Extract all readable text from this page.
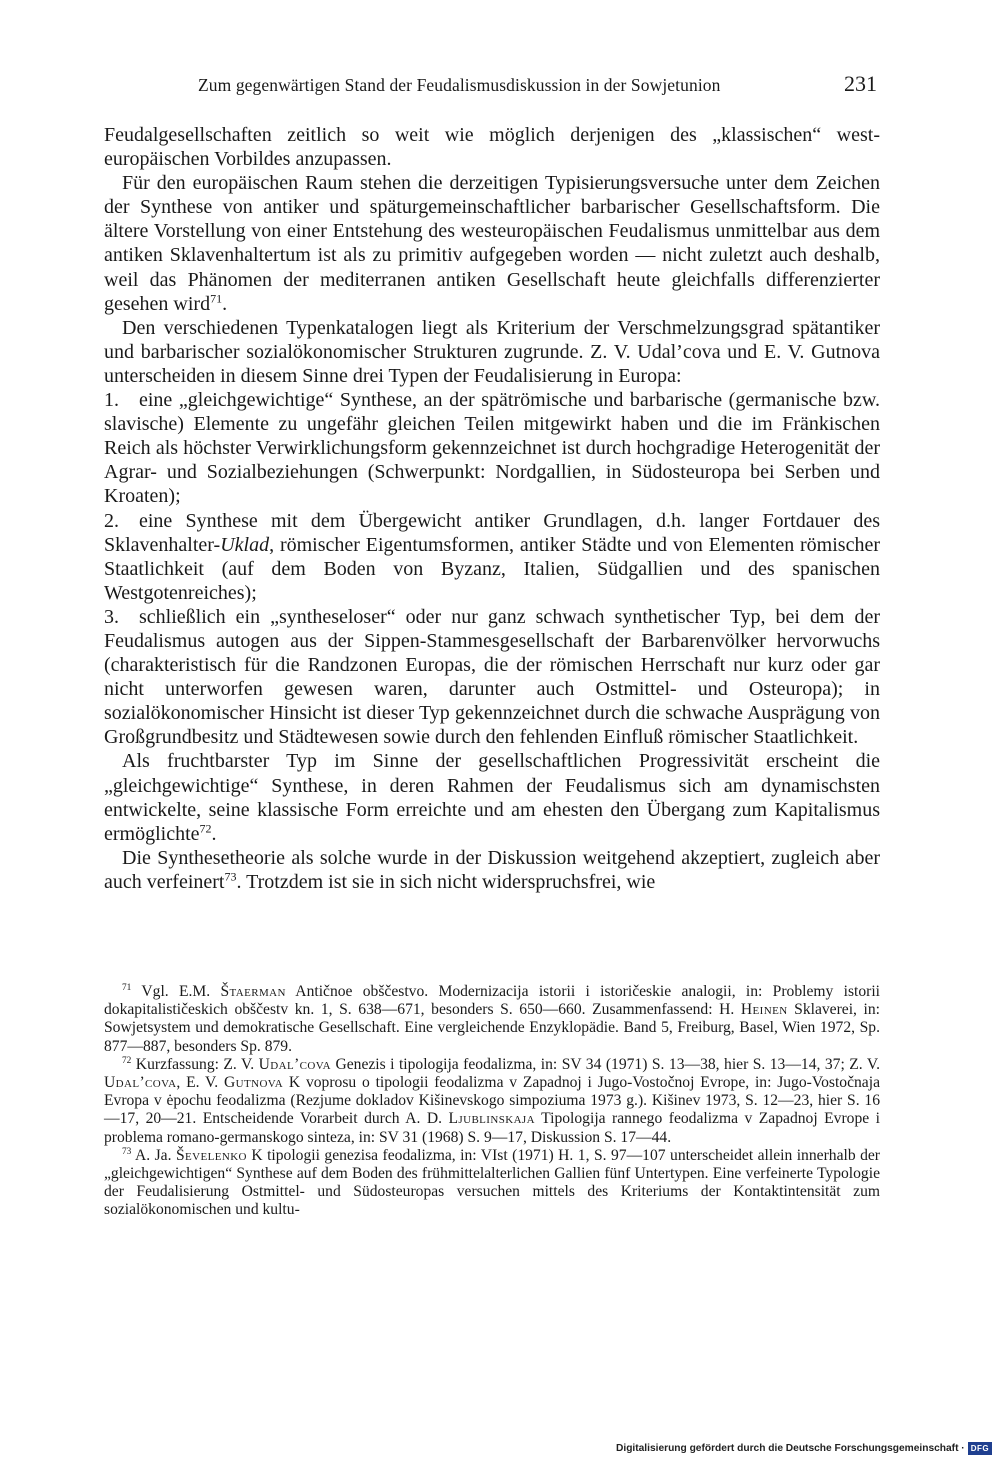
Zum gegenwärtigen Stand der Feudalismusdiskussion in der Sowjetunion	231

Feudalgesellschaften zeitlich so weit wie möglich derjenigen des „klassischen“ westeuropäischen Vorbildes anzupassen.

Für den europäischen Raum stehen die derzeitigen Typisierungsversuche unter dem Zeichen der Synthese von antiker und späturgemeinschaftlicher barbarischer Gesellschaftsform. Die ältere Vorstellung von einer Entstehung des westeuropäischen Feudalismus unmittelbar aus dem antiken Sklavenhaltertum ist als zu primitiv aufgegeben worden — nicht zuletzt auch deshalb, weil das Phänomen der mediterranen antiken Gesellschaft heute gleichfalls differenzierter gesehen wird$^{71}$.

Den verschiedenen Typenkatalogen liegt als Kriterium der Verschmelzungsgrad spätantiker und barbarischer sozialökonomischer Strukturen zugrunde. Z. V. Udal’cova und E. V. Gutnova unterscheiden in diesem Sinne drei Typen der Feudalisierung in Europa:

1. eine „gleichgewichtige“ Synthese, an der spätrömische und barbarische (germanische bzw. slavische) Elemente zu ungefähr gleichen Teilen mitgewirkt haben und die im Fränkischen Reich als höchster Verwirklichungsform gekennzeichnet ist durch hochgradige Heterogenität der Agrar- und Sozialbeziehungen (Schwerpunkt: Nordgallien, in Südosteuropa bei Serben und Kroaten);

2. eine Synthese mit dem Übergewicht antiker Grundlagen, d.h. langer Fortdauer des Sklavenhalter-Uklad, römischer Eigentumsformen, antiker Städte und von Elementen römischer Staatlichkeit (auf dem Boden von Byzanz, Italien, Südgallien und des spanischen Westgotenreiches);

3. schließlich ein „syntheseloser“ oder nur ganz schwach synthetischer Typ, bei dem der Feudalismus autogen aus der Sippen-Stammesgesellschaft der Barbarenvölker hervorwuchs (charakteristisch für die Randzonen Europas, die der römischen Herrschaft nur kurz oder gar nicht unterworfen gewesen waren, darunter auch Ostmittel- und Osteuropa); in sozialökonomischer Hinsicht ist dieser Typ gekennzeichnet durch die schwache Ausprägung von Großgrundbesitz und Städtewesen sowie durch den fehlenden Einfluß römischer Staatlichkeit.

Als fruchtbarster Typ im Sinne der gesellschaftlichen Progressivität erscheint die „gleichgewichtige“ Synthese, in deren Rahmen der Feudalismus sich am dynamischsten entwickelte, seine klassische Form erreichte und am ehesten den Übergang zum Kapitalismus ermöglichte$^{72}$.

Die Synthesetheorie als solche wurde in der Diskussion weitgehend akzeptiert, zugleich aber auch verfeinert$^{73}$. Trotzdem ist sie in sich nicht widerspruchsfrei, wie

$^{71}$ Vgl. E.M. Štaerman Antičnoe obščestvo. Modernizacija istorii i istoričeskie analogii, in: Problemy istorii dokapitalističeskich obščestv kn. 1, S. 638—671, besonders S. 650—660. Zusammenfassend: H. Heinen Sklaverei, in: Sowjetsystem und demokratische Gesellschaft. Eine vergleichende Enzyklopädie. Band 5, Freiburg, Basel, Wien 1972, Sp. 877—887, besonders Sp. 879.

$^{72}$ Kurzfassung: Z. V. Udal’cova Genezis i tipologija feodalizma, in: SV 34 (1971) S. 13—38, hier S. 13—14, 37; Z. V. Udal’cova, E. V. Gutnova K voprosu o tipologii feodalizma v Zapadnoj i Jugo-Vostočnoj Evrope, in: Jugo-Vostočnaja Evropa v ėpochu feodalizma (Rezjume dokladov Kišinevskogo simpoziuma 1973 g.). Kišinev 1973, S. 12—23, hier S. 16—17, 20—21. Entscheidende Vorarbeit durch A. D. Ljublinskaja Tipologija rannego feodalizma v Zapadnoj Evrope i problema romano-germanskogo sinteza, in: SV 31 (1968) S. 9—17, Diskussion S. 17—44.

$^{73}$ A. Ja. Ševelenko K tipologii genezisa feodalizma, in: VIst (1971) H. 1, S. 97—107 unterscheidet allein innerhalb der „gleichgewichtigen“ Synthese auf dem Boden des frühmittelalterlichen Gallien fünf Untertypen. Eine verfeinerte Typologie der Feudalisierung Ostmittel- und Südosteuropas versuchen mittels des Kriteriums der Kontaktintensität zum sozialökonomischen und kultu-

Digitalisierung gefördert durch die Deutsche Forschungsgemeinschaft · DFG
